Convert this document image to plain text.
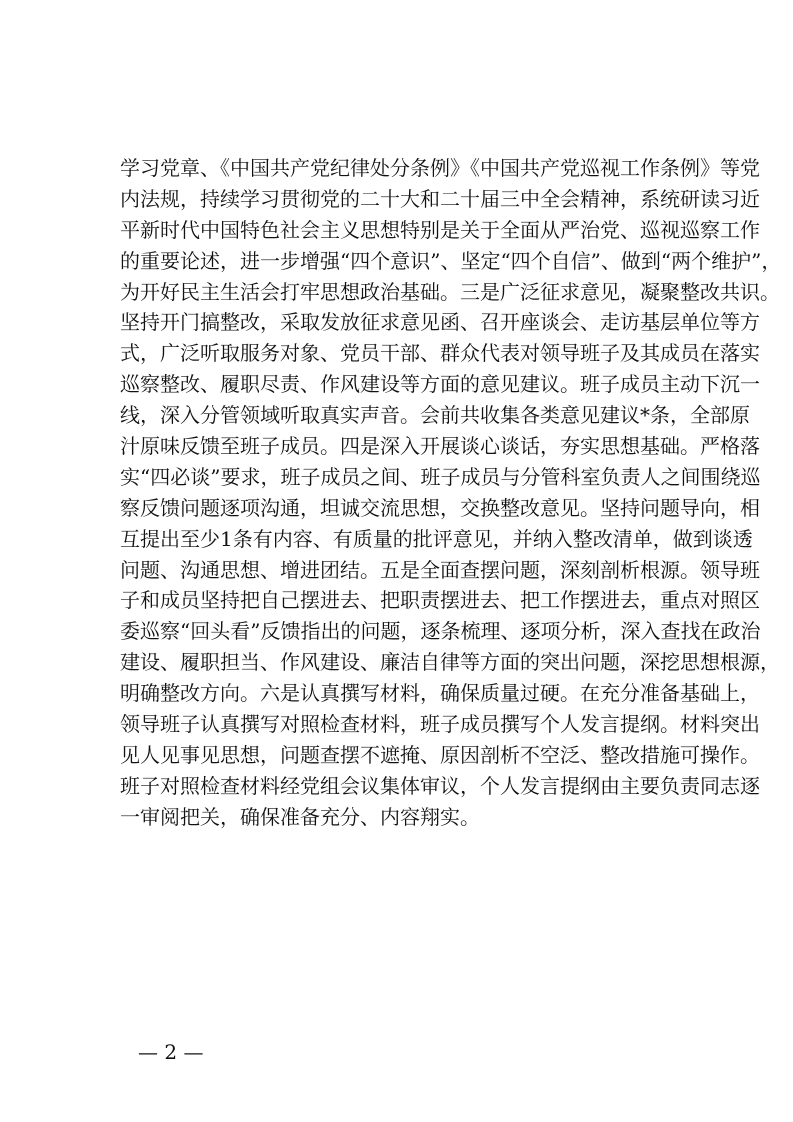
学习党章、《中国共产党纪律处分条例》《中国共产党巡视工作条例》等党
内法规，持续学习贯彻党的二十大和二十届三中全会精神，系统研读习近
平新时代中国特色社会主义思想特别是关于全面从严治党、巡视巡察工作
的重要论述，进一步增强“四个意识”、坚定“四个自信”、做到“两个维护”，
为开好民主生活会打牢思想政治基础。三是广泛征求意见，凝聚整改共识。
坚持开门搞整改，采取发放征求意见函、召开座谈会、走访基层单位等方
式，广泛听取服务对象、党员干部、群众代表对领导班子及其成员在落实
巡察整改、履职尽责、作风建设等方面的意见建议。班子成员主动下沉一
线，深入分管领域听取真实声音。会前共收集各类意见建议*条，全部原
汁原味反馈至班子成员。四是深入开展谈心谈话，夯实思想基础。严格落
实“四必谈”要求，班子成员之间、班子成员与分管科室负责人之间围绕巡
察反馈问题逐项沟通，坦诚交流思想，交换整改意见。坚持问题导向，相
互提出至少1条有内容、有质量的批评意见，并纳入整改清单，做到谈透
问题、沟通思想、增进团结。五是全面查摆问题，深刻剖析根源。领导班
子和成员坚持把自己摆进去、把职责摆进去、把工作摆进去，重点对照区
委巡察“回头看”反馈指出的问题，逐条梳理、逐项分析，深入查找在政治
建设、履职担当、作风建设、廉洁自律等方面的突出问题，深挖思想根源，
明确整改方向。六是认真撰写材料，确保质量过硬。在充分准备基础上，
领导班子认真撰写对照检查材料，班子成员撰写个人发言提纲。材料突出
见人见事见思想，问题查摆不遮掩、原因剖析不空泛、整改措施可操作。
班子对照检查材料经党组会议集体审议，个人发言提纲由主要负责同志逐
一审阅把关，确保准备充分、内容翔实。
— 2 —
